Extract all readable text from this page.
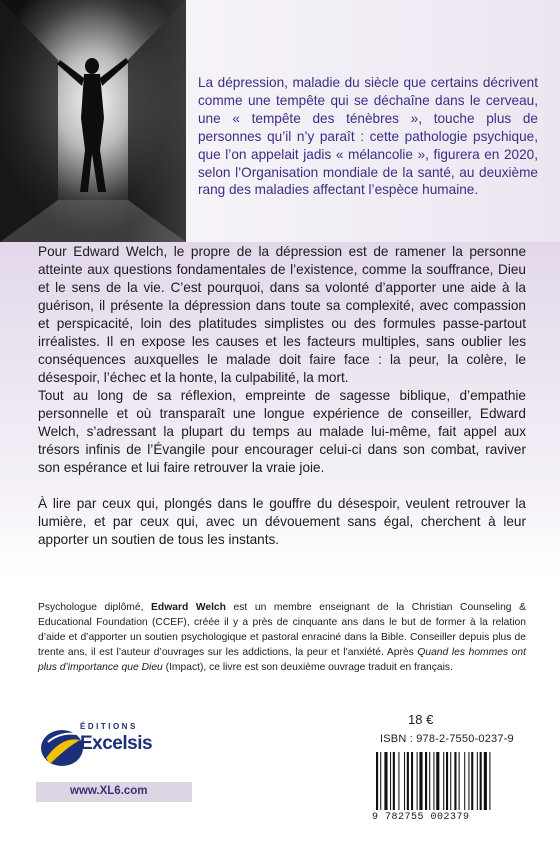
La dépression, maladie du siècle que certains décrivent comme une tempête qui se déchaîne dans le cerveau, une « tempête des ténèbres », touche plus de personnes qu’il n’y paraît : cette pathologie psychique, que l’on appelait jadis « mélancolie », figurera en 2020, selon l’Organisation mondiale de la santé, au deuxième rang des maladies affectant l’espèce humaine.

Pour Edward Welch, le propre de la dépression est de ramener la personne atteinte aux questions fondamentales de l’existence, comme la souffrance, Dieu et le sens de la vie. C’est pourquoi, dans sa volonté d’apporter une aide à la guérison, il présente la dépression dans toute sa complexité, avec compassion et perspicacité, loin des platitudes simplistes ou des formules passe-partout irréalistes. Il en expose les causes et les facteurs multiples, sans oublier les conséquences auxquelles le malade doit faire face : la peur, la colère, le désespoir, l’échec et la honte, la culpabilité, la mort.

Tout au long de sa réflexion, empreinte de sagesse biblique, d’empathie personnelle et où transparaît une longue expérience de conseiller, Edward Welch, s’adressant la plupart du temps au malade lui-même, fait appel aux trésors infinis de l’Évangile pour encourager celui-ci dans son combat, raviver son espérance et lui faire retrouver la vraie joie.

À lire par ceux qui, plongés dans le gouffre du désespoir, veulent retrouver la lumière, et par ceux qui, avec un dévouement sans égal, cherchent à leur apporter un soutien de tous les instants.

Psychologue diplômé, Edward Welch est un membre enseignant de la Christian Counseling & Educational Foundation (CCEF), créée il y a près de cinquante ans dans le but de former à la relation d’aide et d’apporter un soutien psychologique et pastoral enraciné dans la Bible. Conseiller depuis plus de trente ans, il est l’auteur d’ouvrages sur les addictions, la peur et l’anxiété. Après Quand les hommes ont plus d’importance que Dieu (Impact), ce livre est son deuxième ouvrage traduit en français.

18 €
ISBN : 978-2-7550-0237-9
9 782755 002379
ÉDITIONS
Excelsis
www.XL6.com
